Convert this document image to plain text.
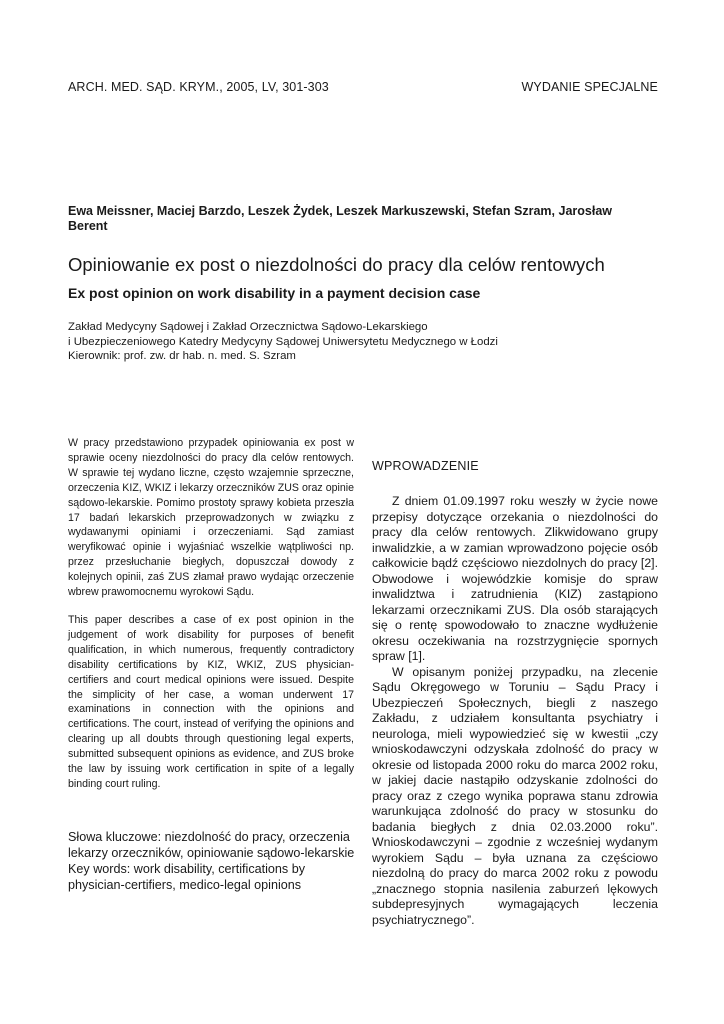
ARCH. MED. SĄD. KRYM., 2005, LV, 301-303	WYDANIE SPECJALNE
Ewa Meissner, Maciej Barzdo, Leszek Żydek, Leszek Markuszewski, Stefan Szram, Jarosław Berent
Opiniowanie ex post o niezdolności do pracy dla celów rentowych
Ex post opinion on work disability in a payment decision case
Zakład Medycyny Sądowej i Zakład Orzecznictwa Sądowo-Lekarskiego
i Ubezpieczeniowego Katedry Medycyny Sądowej Uniwersytetu Medycznego w Łodzi
Kierownik: prof. zw. dr hab. n. med. S. Szram

W pracy przedstawiono przypadek opiniowania ex post w sprawie oceny niezdolności do pracy dla celów rentowych. W sprawie tej wydano liczne, często wzajemnie sprzeczne, orzeczenia KIZ, WKIZ i lekarzy orzeczników ZUS oraz opinie sądowo-lekarskie. Pomimo prostoty sprawy kobieta przeszła 17 badań lekarskich przeprowadzonych w związku z wydawanymi opiniami i orzeczeniami. Sąd zamiast weryfikować opinie i wyjaśniać wszelkie wątpliwości np. przez przesłuchanie biegłych, dopuszczał dowody z kolejnych opinii, zaś ZUS złamał prawo wydając orzeczenie wbrew prawomocnemu wyrokowi Sądu.

This paper describes a case of ex post opinion in the judgement of work disability for purposes of benefit qualification, in which numerous, frequently contradictory disability certifications by KIZ, WKIZ, ZUS physician-certifiers and court medical opinions were issued. Despite the simplicity of her case, a woman underwent 17 examinations in connection with the opinions and certifications. The court, instead of verifying the opinions and clearing up all doubts through questioning legal experts, submitted subsequent opinions as evidence, and ZUS broke the law by issuing work certification in spite of a legally binding court ruling.

Słowa kluczowe: niezdolność do pracy, orzeczenia lekarzy orzeczników, opiniowanie sądowo-lekarskie

Key words: work disability, certifications by physician-certifiers, medico-legal opinions

WPROWADZENIE

Z dniem 01.09.1997 roku weszły w życie nowe przepisy dotyczące orzekania o niezdolności do pracy dla celów rentowych. Zlikwidowano grupy inwalidzkie, a w zamian wprowadzono pojęcie osób całkowicie bądź częściowo niezdolnych do pracy [2]. Obwodowe i wojewódzkie komisje do spraw inwalidztwa i zatrudnienia (KIZ) zastąpiono lekarzami orzecznikami ZUS. Dla osób starających się o rentę spowodowało to znaczne wydłużenie okresu oczekiwania na rozstrzygnięcie spornych spraw [1].

W opisanym poniżej przypadku, na zlecenie Sądu Okręgowego w Toruniu – Sądu Pracy i Ubezpieczeń Społecznych, biegli z naszego Zakładu, z udziałem konsultanta psychiatry i neurologa, mieli wypowiedzieć się w kwestii „czy wnioskodawczyni odzyskała zdolność do pracy w okresie od listopada 2000 roku do marca 2002 roku, w jakiej dacie nastąpiło odzyskanie zdolności do pracy oraz z czego wynika poprawa stanu zdrowia warunkująca zdolność do pracy w stosunku do badania biegłych z dnia 02.03.2000 roku”. Wnioskodawczyni – zgodnie z wcześniej wydanym wyrokiem Sądu – była uznana za częściowo niezdolną do pracy do marca 2002 roku z powodu „znacznego stopnia nasilenia zaburzeń lękowych subdepresyjnych wymagających leczenia psychiatrycznego”.
